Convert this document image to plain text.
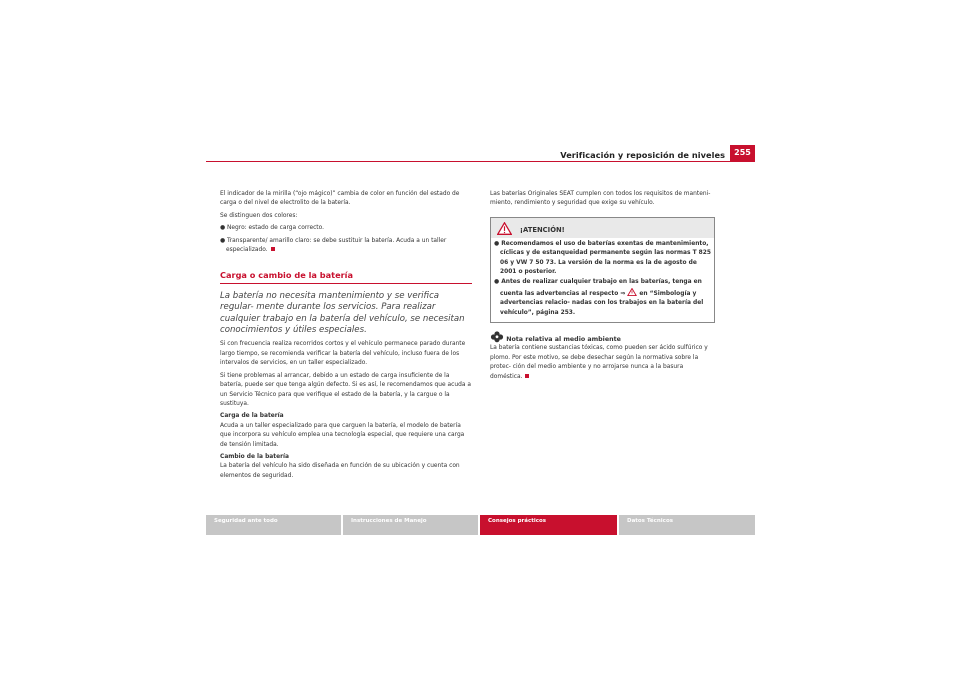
Verificación y reposición de niveles	255

El indicador de la mirilla (“ojo mágico)” cambia de color en función del estado de carga o del nivel de electrolito de la batería.

Se distinguen dos colores:

● Negro: estado de carga correcto.

● Transparente/ amarillo claro: se debe sustituir la batería. Acuda a un taller especializado.

Carga o cambio de la batería
La batería no necesita mantenimiento y se verifica regular- mente durante los servicios. Para realizar cualquier trabajo en la batería del vehículo, se necesitan conocimientos y útiles especiales.

Si con frecuencia realiza recorridos cortos y el vehículo permanece parado durante largo tiempo, se recomienda verificar la batería del vehículo, incluso fuera de los intervalos de servicios, en un taller especializado.

Si tiene problemas al arrancar, debido a un estado de carga insuficiente de la batería, puede ser que tenga algún defecto. Si es así, le recomendamos que acuda a un Servicio Técnico para que verifique el estado de la batería, y la cargue o la sustituya.

Carga de la batería

Acuda a un taller especializado para que carguen la batería, el modelo de batería que incorpora su vehículo emplea una tecnología especial, que requiere una carga de tensión limitada.

Cambio de la batería

La batería del vehículo ha sido diseñada en función de su ubicación y cuenta con elementos de seguridad.

Las baterías Originales SEAT cumplen con todos los requisitos de manteni- miento, rendimiento y seguridad que exige su vehículo.

¡ATENCIÓN!

● Recomendamos el uso de baterías exentas de mantenimiento, cíclicas y de estanqueidad permanente según las normas T 825 06 y VW 7 50 73. La versión de la norma es la de agosto de 2001 o posterior.

● Antes de realizar cualquier trabajo en las baterías, tenga en cuenta las advertencias al respecto ⇒ en “Simbología y advertencias relacio- nadas con los trabajos en la batería del vehículo”, página 253.

Nota relativa al medio ambiente

La batería contiene sustancias tóxicas, como pueden ser ácido sulfúrico y plomo. Por este motivo, se debe desechar según la normativa sobre la protec- ción del medio ambiente y no arrojarse nunca a la basura doméstica.

Seguridad ante todo	Instrucciones de Manejo	Consejos prácticos	Datos Técnicos
